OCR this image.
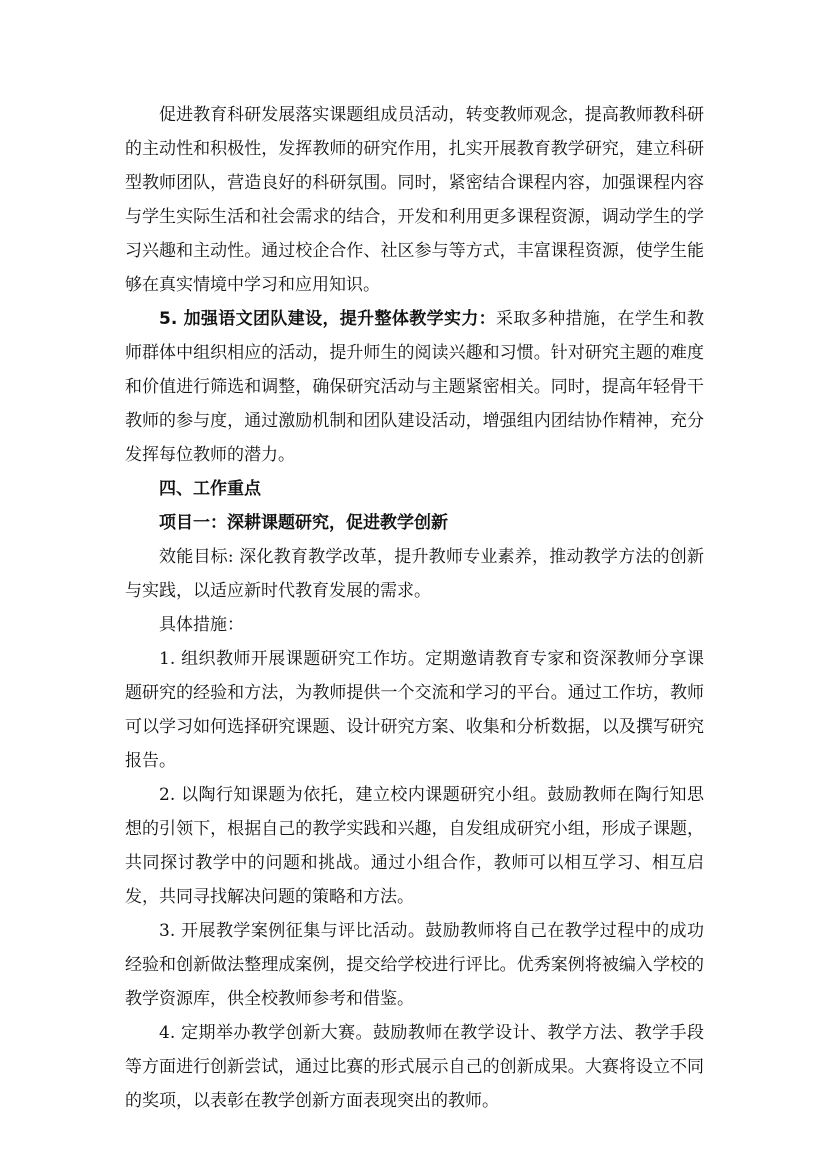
促进教育科研发展落实课题组成员活动，转变教师观念，提高教师教科研的主动性和积极性，发挥教师的研究作用，扎实开展教育教学研究，建立科研型教师团队，营造良好的科研氛围。同时，紧密结合课程内容，加强课程内容与学生实际生活和社会需求的结合，开发和利用更多课程资源，调动学生的学习兴趣和主动性。通过校企合作、社区参与等方式，丰富课程资源，使学生能够在真实情境中学习和应用知识。

5. 加强语文团队建设，提升整体教学实力：采取多种措施，在学生和教师群体中组织相应的活动，提升师生的阅读兴趣和习惯。针对研究主题的难度和价值进行筛选和调整，确保研究活动与主题紧密相关。同时，提高年轻骨干教师的参与度，通过激励机制和团队建设活动，增强组内团结协作精神，充分发挥每位教师的潜力。

四、工作重点

项目一：深耕课题研究，促进教学创新

效能目标: 深化教育教学改革，提升教师专业素养，推动教学方法的创新与实践，以适应新时代教育发展的需求。

具体措施：

1. 组织教师开展课题研究工作坊。定期邀请教育专家和资深教师分享课题研究的经验和方法，为教师提供一个交流和学习的平台。通过工作坊，教师可以学习如何选择研究课题、设计研究方案、收集和分析数据，以及撰写研究报告。

2. 以陶行知课题为依托，建立校内课题研究小组。鼓励教师在陶行知思想的引领下，根据自己的教学实践和兴趣，自发组成研究小组，形成子课题，共同探讨教学中的问题和挑战。通过小组合作，教师可以相互学习、相互启发，共同寻找解决问题的策略和方法。

3. 开展教学案例征集与评比活动。鼓励教师将自己在教学过程中的成功经验和创新做法整理成案例，提交给学校进行评比。优秀案例将被编入学校的教学资源库，供全校教师参考和借鉴。

4. 定期举办教学创新大赛。鼓励教师在教学设计、教学方法、教学手段等方面进行创新尝试，通过比赛的形式展示自己的创新成果。大赛将设立不同的奖项，以表彰在教学创新方面表现突出的教师。
